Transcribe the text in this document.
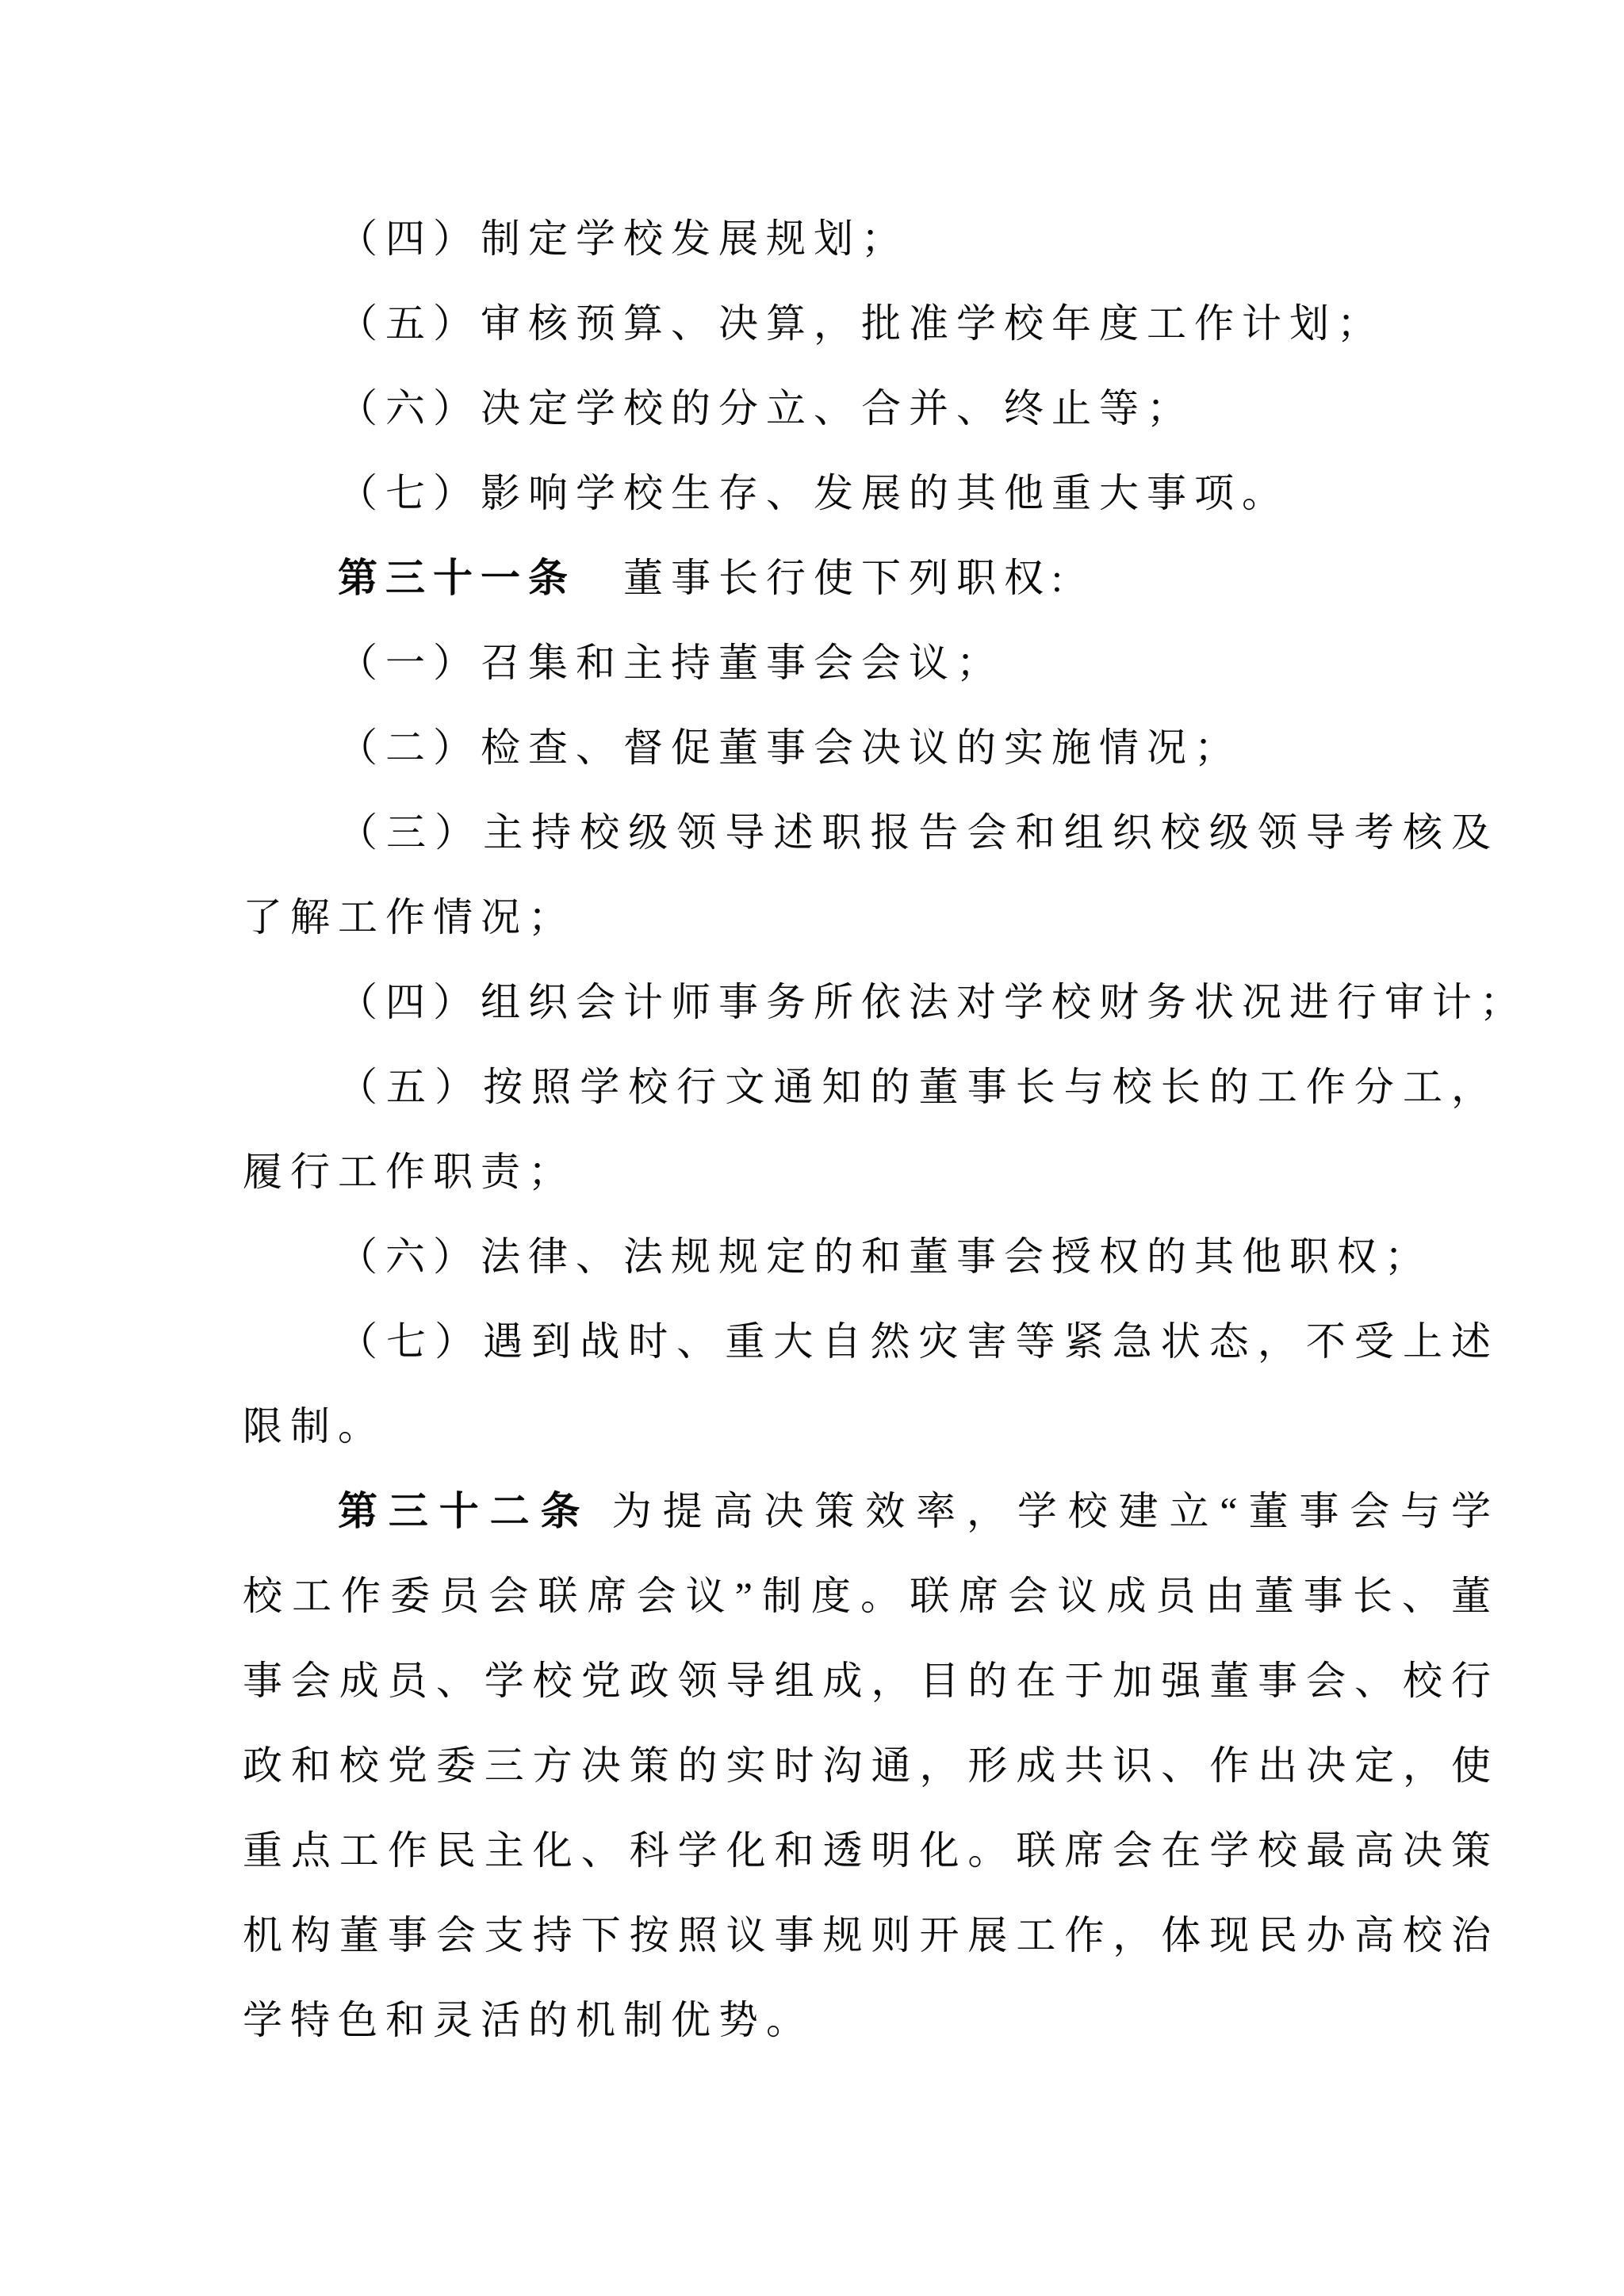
（四）制定学校发展规划；
（五）审核预算、决算，批准学校年度工作计划；
（六）决定学校的分立、合并、终止等；
（七）影响学校生存、发展的其他重大事项。
第三十一条　董事长行使下列职权:
（一）召集和主持董事会会议；
（二）检查、督促董事会决议的实施情况；
（三）主持校级领导述职报告会和组织校级领导考核及
了解工作情况；
（四）组织会计师事务所依法对学校财务状况进行审计；
（五）按照学校行文通知的董事长与校长的工作分工，
履行工作职责；
（六）法律、法规规定的和董事会授权的其他职权；
（七）遇到战时、重大自然灾害等紧急状态，不受上述
限制。
第三十二条 为提高决策效率，学校建立“董事会与学
校工作委员会联席会议”制度。联席会议成员由董事长、董
事会成员、学校党政领导组成，目的在于加强董事会、校行
政和校党委三方决策的实时沟通，形成共识、作出决定，使
重点工作民主化、科学化和透明化。联席会在学校最高决策
机构董事会支持下按照议事规则开展工作，体现民办高校治
学特色和灵活的机制优势。
